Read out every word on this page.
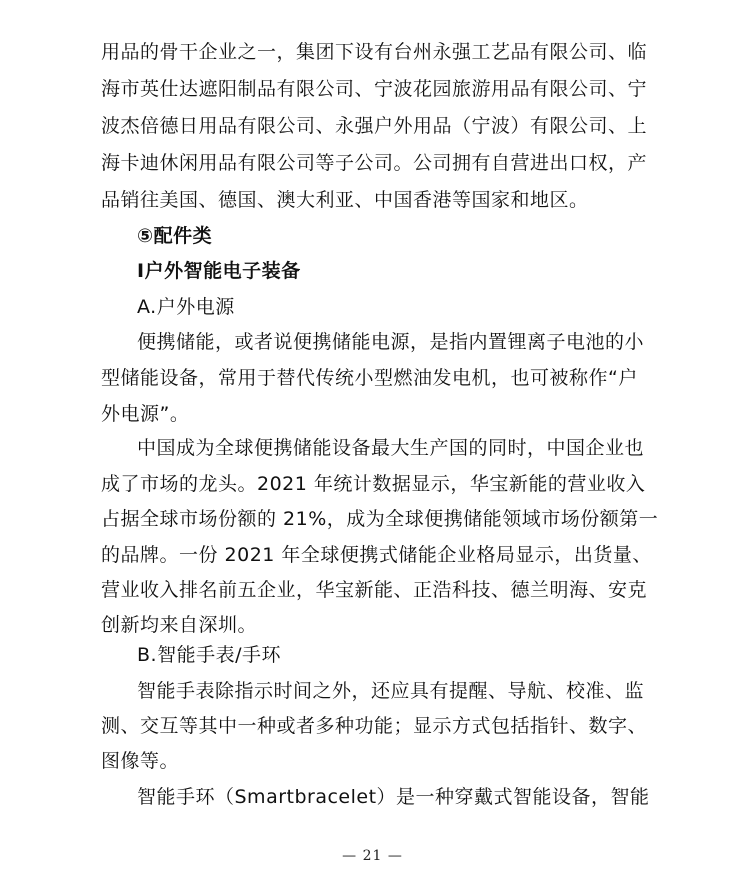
用品的骨干企业之一，集团下设有台州永强工艺品有限公司、临
海市英仕达遮阳制品有限公司、宁波花园旅游用品有限公司、宁
波杰倍德日用品有限公司、永强户外用品（宁波）有限公司、上
海卡迪休闲用品有限公司等子公司。公司拥有自营进出口权，产
品销往美国、德国、澳大利亚、中国香港等国家和地区。
⑤配件类
Ⅰ户外智能电子装备
A.户外电源
便携储能，或者说便携储能电源，是指内置锂离子电池的小
型储能设备，常用于替代传统小型燃油发电机，也可被称作“户
外电源”。
中国成为全球便携储能设备最大生产国的同时，中国企业也
成了市场的龙头。2021 年统计数据显示，华宝新能的营业收入
占据全球市场份额的 21%，成为全球便携储能领域市场份额第一
的品牌。一份 2021 年全球便携式储能企业格局显示，出货量、
营业收入排名前五企业，华宝新能、正浩科技、德兰明海、安克
创新均来自深圳。
B.智能手表/手环
智能手表除指示时间之外，还应具有提醒、导航、校准、监
测、交互等其中一种或者多种功能；显示方式包括指针、数字、
图像等。
智能手环（Smartbracelet）是一种穿戴式智能设备，智能
— 21 —
